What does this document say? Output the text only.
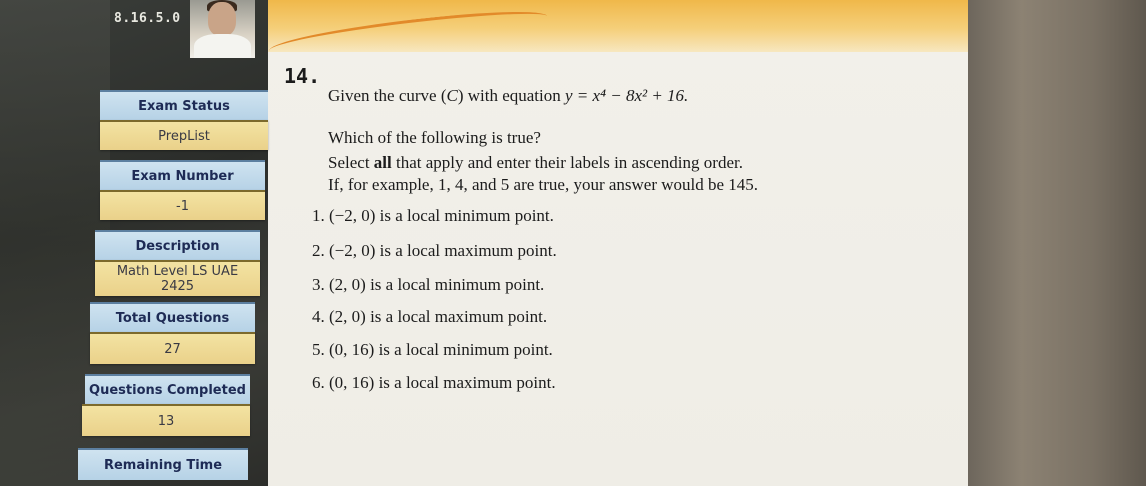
8.16.5.0
Exam Status
PrepList
Exam Number
-1
Description
Math Level LS UAE
2425
Total Questions
27
Questions Completed
13
Remaining Time
14.
Given the curve (C) with equation y = x⁴ − 8x² + 16.
Which of the following is true?
Select all that apply and enter their labels in ascending order.
If, for example, 1, 4, and 5 are true, your answer would be 145.
1. (−2, 0) is a local minimum point.
2. (−2, 0) is a local maximum point.
3. (2, 0) is a local minimum point.
4. (2, 0) is a local maximum point.
5. (0, 16) is a local minimum point.
6. (0, 16) is a local maximum point.
